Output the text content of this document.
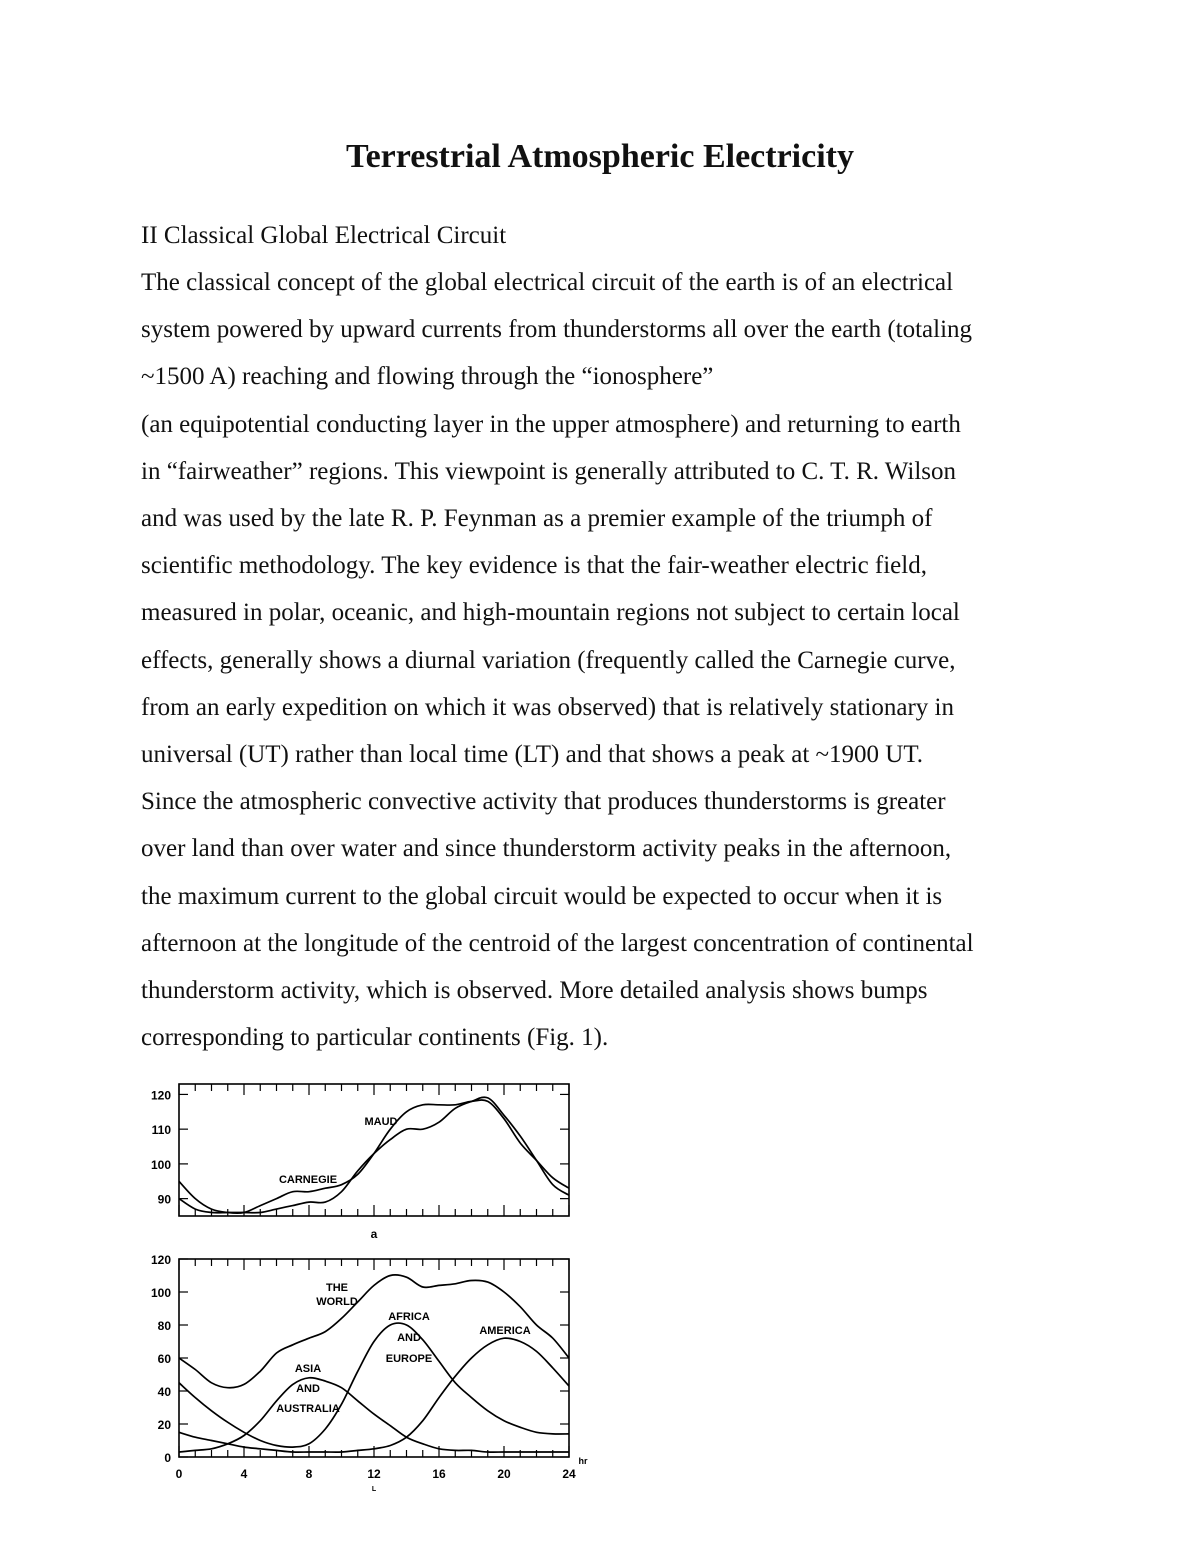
Terrestrial Atmospheric Electricity

II Classical Global Electrical Circuit

The classical concept of the global electrical circuit of the earth is of an electrical

system powered by upward currents from thunderstorms all over the earth (totaling

~1500 A) reaching and flowing through the “ionosphere”

(an equipotential conducting layer in the upper atmosphere) and returning to earth

in “fairweather” regions. This viewpoint is generally attributed to C. T. R. Wilson

and was used by the late R. P. Feynman as a premier example of the triumph of

scientific methodology. The key evidence is that the fair-weather electric field,

measured in polar, oceanic, and high-mountain regions not subject to certain local

effects, generally shows a diurnal variation (frequently called the Carnegie curve,

from an early expedition on which it was observed) that is relatively stationary in

universal (UT) rather than local time (LT) and that shows a peak at ~1900 UT.

Since the atmospheric convective activity that produces thunderstorms is greater

over land than over water and since thunderstorm activity peaks in the afternoon,

the maximum current to the global circuit would be expected to occur when it is

afternoon at the longitude of the centroid of the largest concentration of continental

thunderstorm activity, which is observed. More detailed analysis shows bumps

corresponding to particular continents (Fig. 1).

90
100
110
120
a
CARNEGIE
MAUD
0
20
40
60
80
100
120
0	4	8	12	16	20	24
hr
L
THE WORLD
ASIA AND AUSTRALIA
AFRICA AND EUROPE
AMERICA
